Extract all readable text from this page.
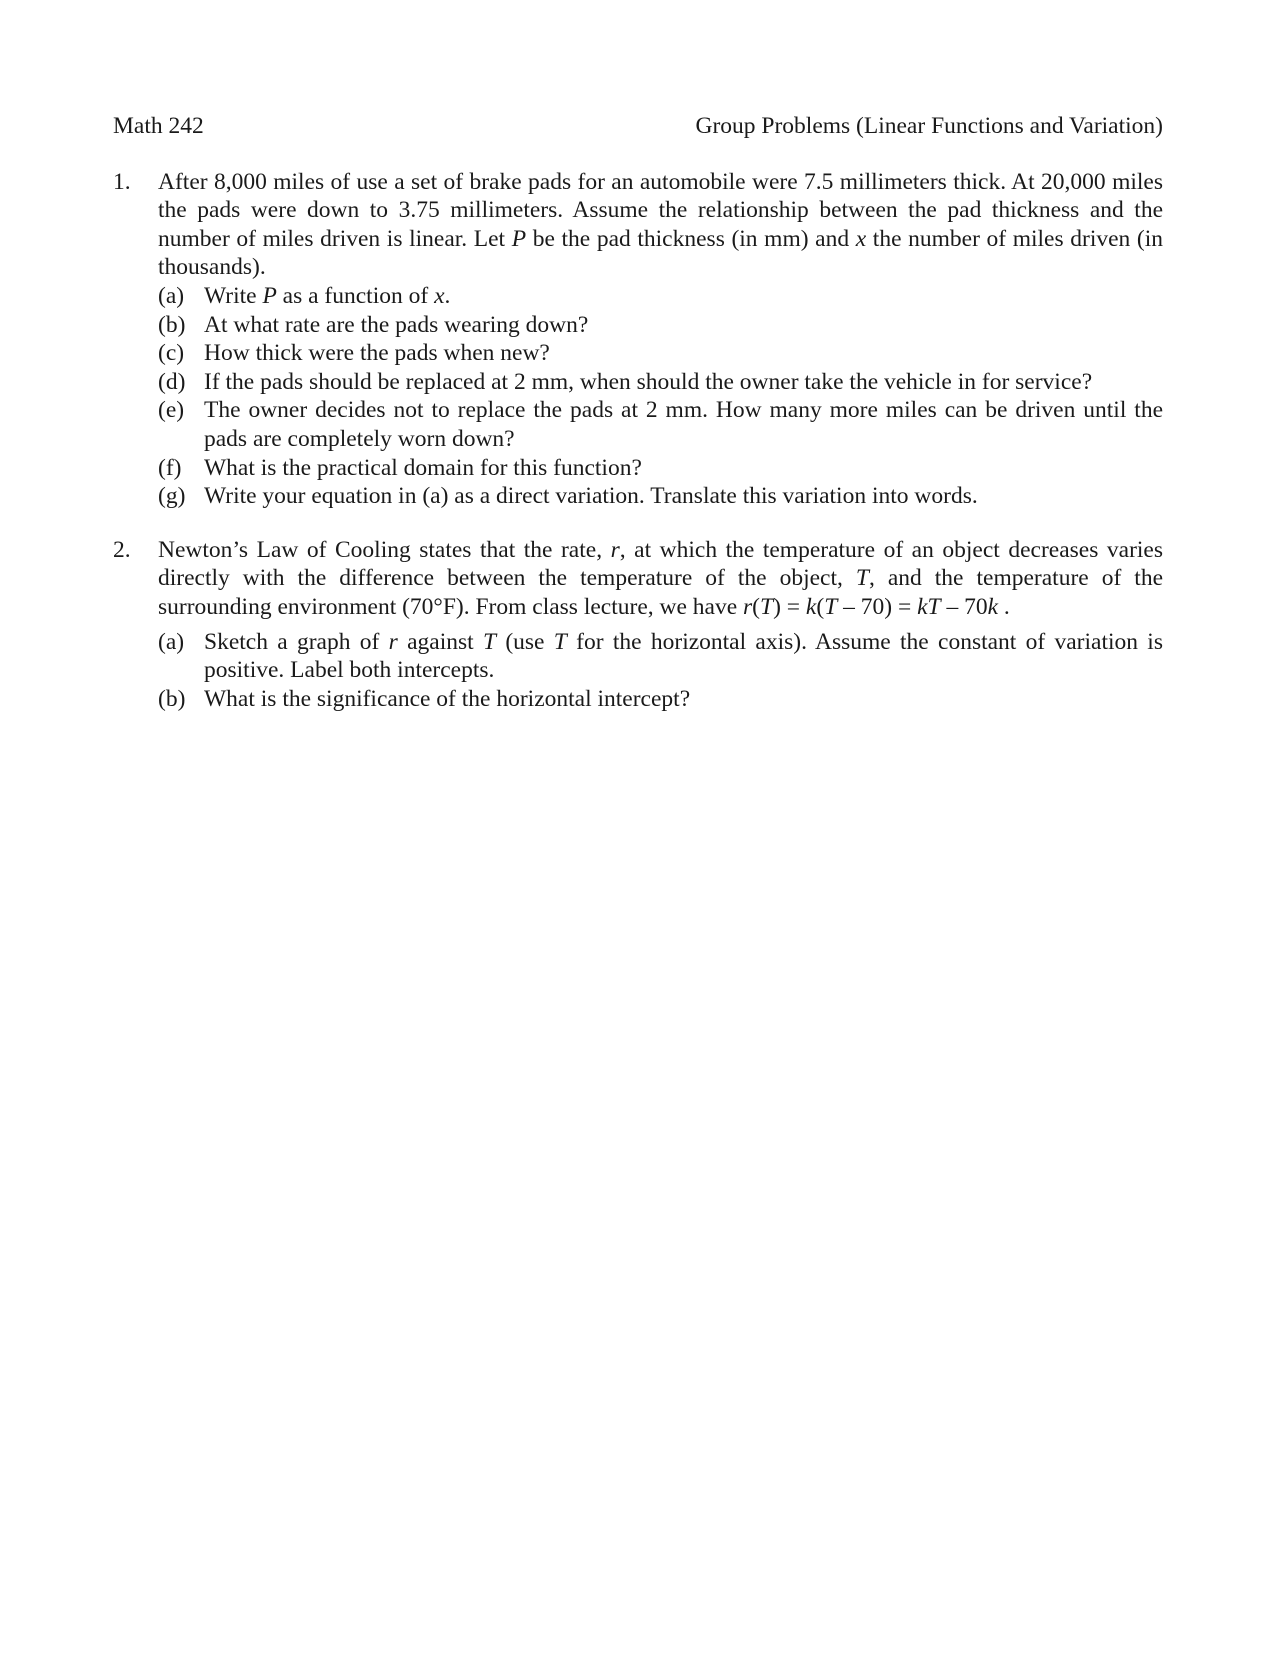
Math 242	Group Problems (Linear Functions and Variation)
1. After 8,000 miles of use a set of brake pads for an automobile were 7.5 millimeters thick. At 20,000 miles the pads were down to 3.75 millimeters. Assume the relationship between the pad thickness and the number of miles driven is linear. Let P be the pad thickness (in mm) and x the number of miles driven (in thousands).
(a) Write P as a function of x.
(b) At what rate are the pads wearing down?
(c) How thick were the pads when new?
(d) If the pads should be replaced at 2 mm, when should the owner take the vehicle in for service?
(e) The owner decides not to replace the pads at 2 mm. How many more miles can be driven until the pads are completely worn down?
(f) What is the practical domain for this function?
(g) Write your equation in (a) as a direct variation. Translate this variation into words.
2. Newton’s Law of Cooling states that the rate, r, at which the temperature of an object decreases varies directly with the difference between the temperature of the object, T, and the temperature of the surrounding environment (70°F). From class lecture, we have r(T) = k(T – 70) = kT – 70k .
(a) Sketch a graph of r against T (use T for the horizontal axis). Assume the constant of variation is positive. Label both intercepts.
(b) What is the significance of the horizontal intercept?
